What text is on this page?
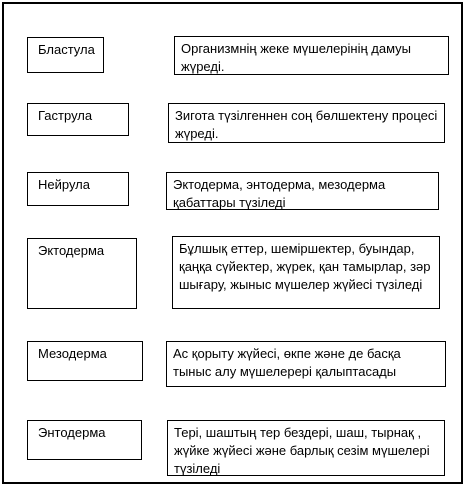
Бластула	Организмнің жеке мүшелерінің дамуы жүреді.
Гаструла	Зигота түзілгеннен соң бөлшектену процесі жүреді.
Нейрула	Эктодерма, энтодерма, мезодерма қабаттары түзіледі
Эктодерма	Бұлшық еттер, шеміршектер, буындар, қаңқа сүйектер, жүрек, қан тамырлар, зәр шығару, жыныс мүшелер жүйесі түзіледі
Мезодерма	Ас қорыту жүйесі, өкпе және де басқа тыныс алу мүшелерері қалыптасады
Энтодерма	Тері, шаштың тер бездері, шаш, тырнақ , жүйке жүйесі және барлық сезім мүшелері түзіледі
